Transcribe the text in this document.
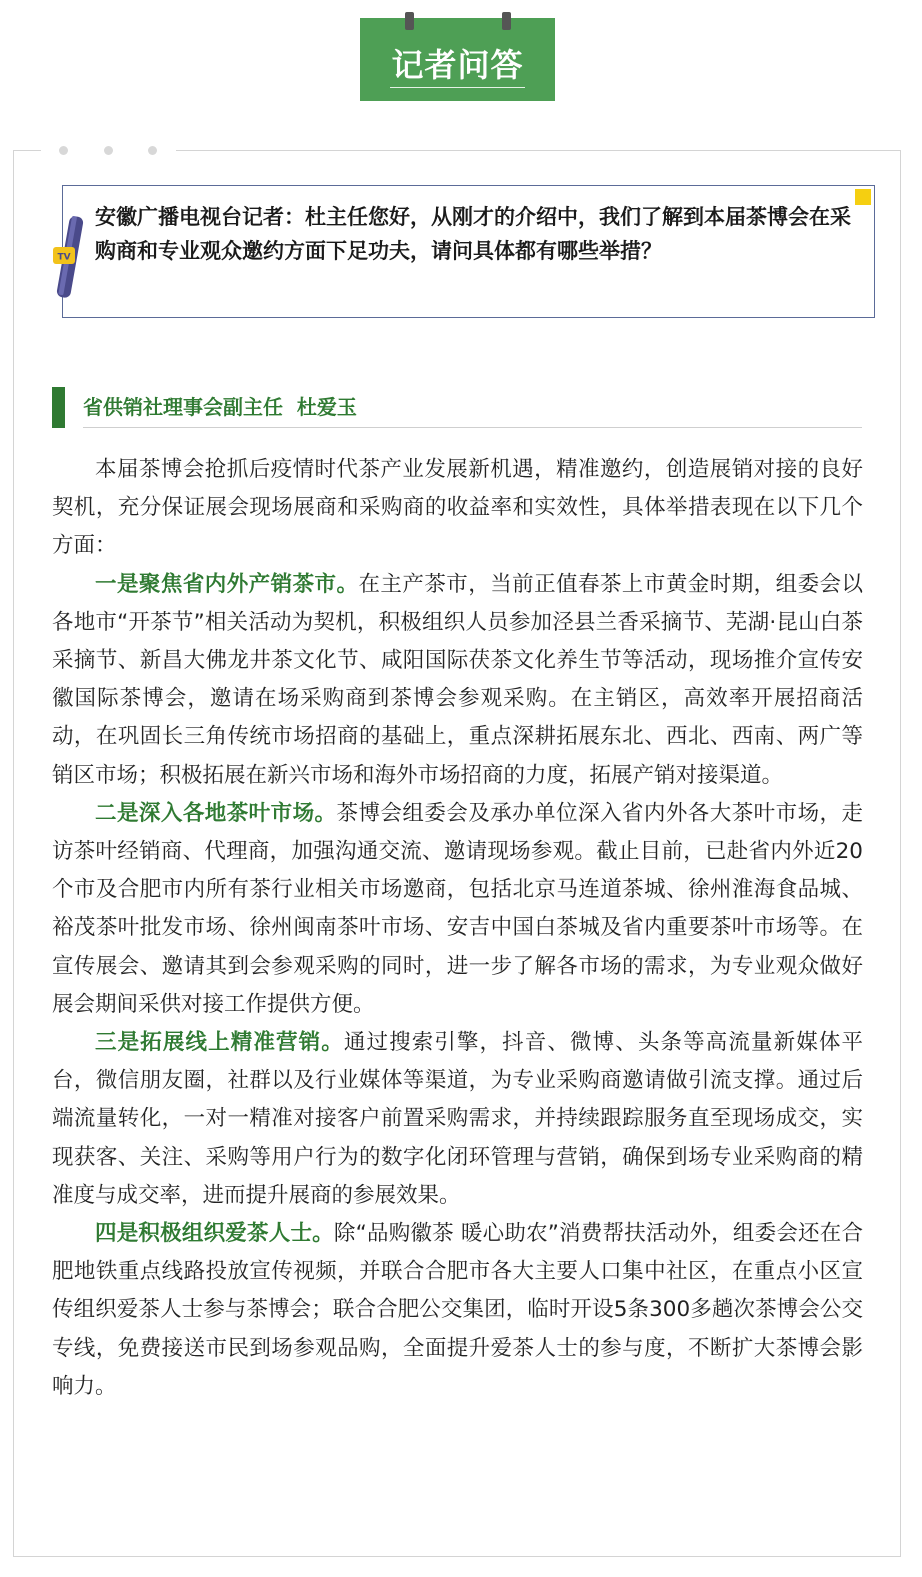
记者问答
安徽广播电视台记者：杜主任您好，从刚才的介绍中，我们了解到本届茶博会在采购商和专业观众邀约方面下足功夫，请问具体都有哪些举措？
TV
省供销社理事会副主任  杜爱玉

本届茶博会抢抓后疫情时代茶产业发展新机遇，精准邀约，创造展销对接的良好契机，充分保证展会现场展商和采购商的收益率和实效性，具体举措表现在以下几个方面：

一是聚焦省内外产销茶市。在主产茶市，当前正值春茶上市黄金时期，组委会以各地市“开茶节”相关活动为契机，积极组织人员参加泾县兰香采摘节、芜湖·昆山白茶采摘节、新昌大佛龙井茶文化节、咸阳国际茯茶文化养生节等活动，现场推介宣传安徽国际茶博会，邀请在场采购商到茶博会参观采购。在主销区，高效率开展招商活动，在巩固长三角传统市场招商的基础上，重点深耕拓展东北、西北、西南、两广等销区市场；积极拓展在新兴市场和海外市场招商的力度，拓展产销对接渠道。

二是深入各地茶叶市场。茶博会组委会及承办单位深入省内外各大茶叶市场，走访茶叶经销商、代理商，加强沟通交流、邀请现场参观。截止目前，已赴省内外近20个市及合肥市内所有茶行业相关市场邀商，包括北京马连道茶城、徐州淮海食品城、裕茂茶叶批发市场、徐州闽南茶叶市场、安吉中国白茶城及省内重要茶叶市场等。在宣传展会、邀请其到会参观采购的同时，进一步了解各市场的需求，为专业观众做好展会期间采供对接工作提供方便。

三是拓展线上精准营销。通过搜索引擎，抖音、微博、头条等高流量新媒体平台，微信朋友圈，社群以及行业媒体等渠道，为专业采购商邀请做引流支撑。通过后端流量转化，一对一精准对接客户前置采购需求，并持续跟踪服务直至现场成交，实现获客、关注、采购等用户行为的数字化闭环管理与营销，确保到场专业采购商的精准度与成交率，进而提升展商的参展效果。

四是积极组织爱茶人士。除“品购徽茶 暖心助农”消费帮扶活动外，组委会还在合肥地铁重点线路投放宣传视频，并联合合肥市各大主要人口集中社区，在重点小区宣传组织爱茶人士参与茶博会；联合合肥公交集团，临时开设5条300多趟次茶博会公交专线，免费接送市民到场参观品购，全面提升爱茶人士的参与度，不断扩大茶博会影响力。
